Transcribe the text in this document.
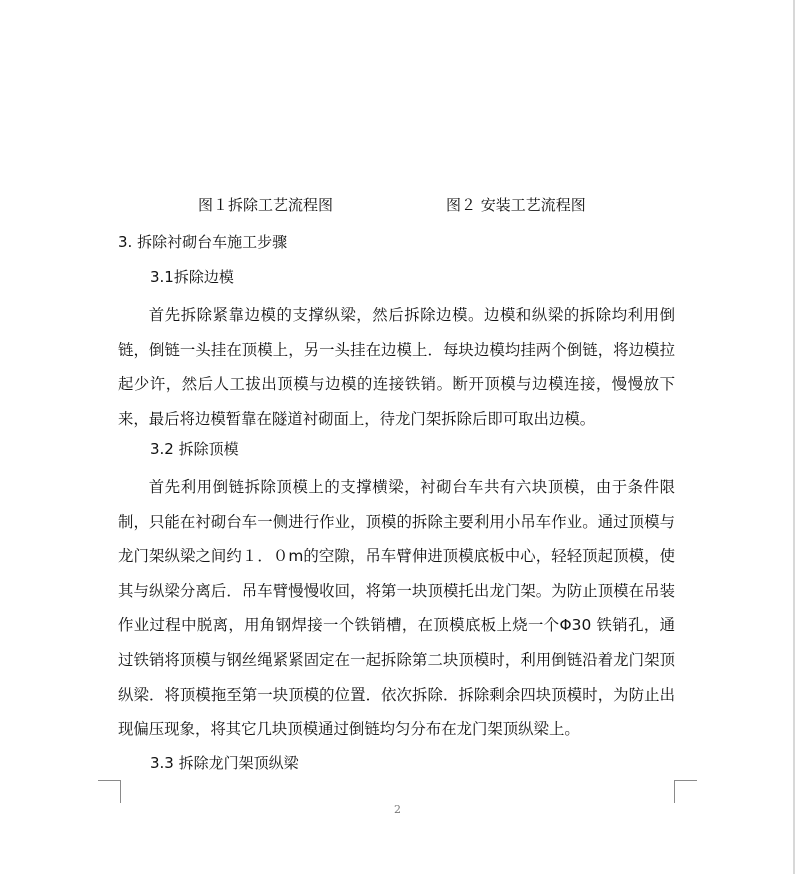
图１拆除工艺流程图	图２ 安装工艺流程图
3. 拆除衬砌台车施工步骤
3.1拆除边模

首先拆除紧靠边模的支撑纵梁，然后拆除边模。边模和纵梁的拆除均利用倒链，倒链一头挂在顶模上，另一头挂在边模上．每块边模均挂两个倒链，将边模拉起少许，然后人工拔出顶模与边模的连接铁销。断开顶模与边模连接，慢慢放下来，最后将边模暂靠在隧道衬砌面上，待龙门架拆除后即可取出边模。

3.2 拆除顶模

首先利用倒链拆除顶模上的支撑横梁，衬砌台车共有六块顶模，由于条件限制，只能在衬砌台车一侧进行作业，顶模的拆除主要利用小吊车作业。通过顶模与龙门架纵梁之间约１．０m的空隙，吊车臂伸进顶模底板中心，轻轻顶起顶模，使其与纵梁分离后．吊车臂慢慢收回，将第一块顶模托出龙门架。为防止顶模在吊装作业过程中脱离，用角钢焊接一个铁销槽，在顶模底板上烧一个Φ30 铁销孔，通过铁销将顶模与钢丝绳紧紧固定在一起拆除第二块顶模时，利用倒链沿着龙门架顶纵梁．将顶模拖至第一块顶模的位置．依次拆除．拆除剩余四块顶模时，为防止出现偏压现象，将其它几块顶模通过倒链均匀分布在龙门架顶纵梁上。

3.3 拆除龙门架顶纵梁
2
